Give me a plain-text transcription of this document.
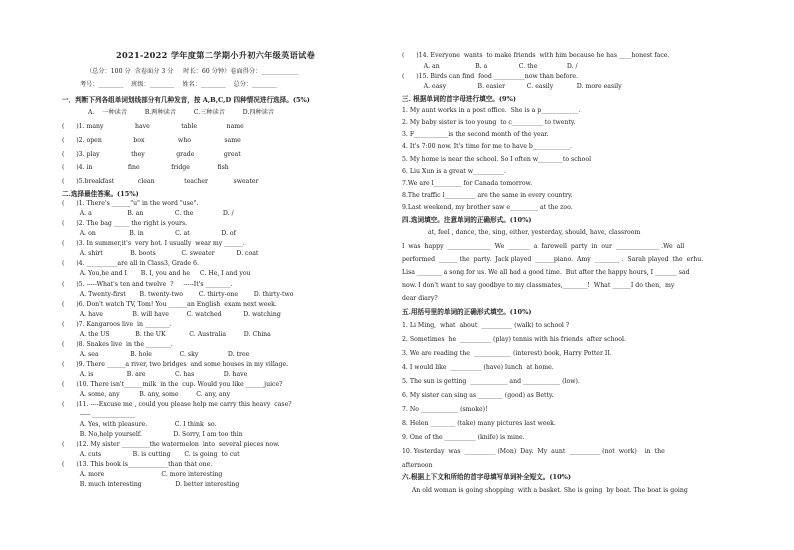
2021-2022 学年度第二学期小升初六年级英语试卷
（总分：100 分  含卷面分 3 分     时长：60 分钟）卷面得分：____________
考号：________    班级：________    姓名：________    总分：________
一．判断下列各组单词划线部分有几种发音，按 A,B,C,D 四种情况进行选择。(5%)
A.    一种读音         B.两种读音         C.三种读音         D.四种读音
(      )1. many                have                table               name
(      )2. open                box                 who                 same
(      )3. play                they                grade               great
(      )4. in                  fine                fridge              fish
(      )5.breakfast            clean               teacher             sweater
二.选择最佳答案。(15%)
(      )1. There's ______"u" in the word "use".
A. a                  B. an                C. the               D. /
(      )2. The bag _____ the right is yours.
A. on                 B. in                C. at                D. of
(      )3. In summer,it's  very hot. I usually  wear my ______.
A. shirt              B. boots             C. sweater           D. coat
(      )4. __________are all in Class3, Grade 6.
A. You,he and I       B. I, you and he     C. He, I and you
(      )5. -----What's ten and twelve  ?     -----It's ________.
A. Twenty-first       B. twenty-two        C. thirty-one        D. thirty-two
(      )6. Don't watch TV, Tom! You ______an English  exam next week.
A. have               B. will have         C. watched           D. watching
(      )7. Kangaroos live  in ________.
A. the US             B. the UK            C. Australia         D. China
(      )8. Snakes live  in the ________.
A. sea                B. hole              C. sky               D. tree
(      )9. There ______a river, two bridges  and some houses in my village.
A. is                 B. are               C. has               D. have
(      )10. There isn't______milk  in the  cup. Would you like ______juice?
A. some, any          B. any, some         C. any, any
(      )11. ----Excuse me , could you please help me carry this heavy  case?
----- ______________
A. Yes, with pleasure.              C. I think  so.
B. No,help yourself.                D. Sorry, I am too thin
(      )12. My sister _________the watermelon  into  several pieces now.
A. cuts                B. is cutting       C. is going  to cut
(      )13. This book is_____________than that one.
A. more                             C. more interesting
B. much interesting                 D. better interesting
(      )14. Everyone  wants  to make friends  with him because he has ____honest face.
A. an                  B. a                C. the               D. /
(      )15. Birds can find  food __________now than before.
A. easy                B. easier           C. easily            D. more easily
三. 根据单词的首字母进行填空。(9%)
1. My aunt works in a post office.  She is a p____________.
2. My baby sister is too young  to c__________ to twenty.
3. F___________is the second month of the year.
4. It's 7:00 now. It's time for me to have b____________.
5. My home is near the school. So I often w________to school
6. Liu Xun is a great w__________.
7.We are l_________ for Canada tomorrow.
8.The traffic l__________ are the same in every country.
9.Last weekend, my brother saw e_________ at the zoo.
四.选词填空。注意单词的正确形式。(10%)
at, feel , dance, the, sing, either, yesterday, should, have, classroom
I  was  happy  ______________  We  _______  a  farewell  party  in  our  ______________ .We  all
performed  ______ the  party.  Jack played  ______piano.  Amy  ________ .  Sarah played  the  erhu.
Lisa ________ a song for us. We all had a good time.  But after the happy hours, I _______ sad
now. I don't want to say goodbye to my classmates,________!  What ______I do then,  my
dear diary?
五.用括号里的单词的正确形式填空。(10%)
1. Li Ming,  what  about  __________ (walk) to school ?
2. Sometimes  he  __________ (play) tennis with his friends  after school.
3. We are reading the  ____________ (interest) book, Harry Potter II.
4. I would like  __________ (have) lunch  at home.
5. The sun is getting  ____________ and ____________ (low).
6. My sister can sing as ________ (good) as Betty.
7. No ____________ (smoke)!
8. Helen ________ (take) many pictures last week.
9. One of the __________ (knife) is mine.
10. Yesterday  was  __________ (Mon)  Day.  My  aunt  __________ (not  work)    in  the
afternoon
六.根据上下文和所给的首字母填写单词补全短文。(10%)
An old woman is going shopping  with a basket. She is going  by boat. The boat is going
